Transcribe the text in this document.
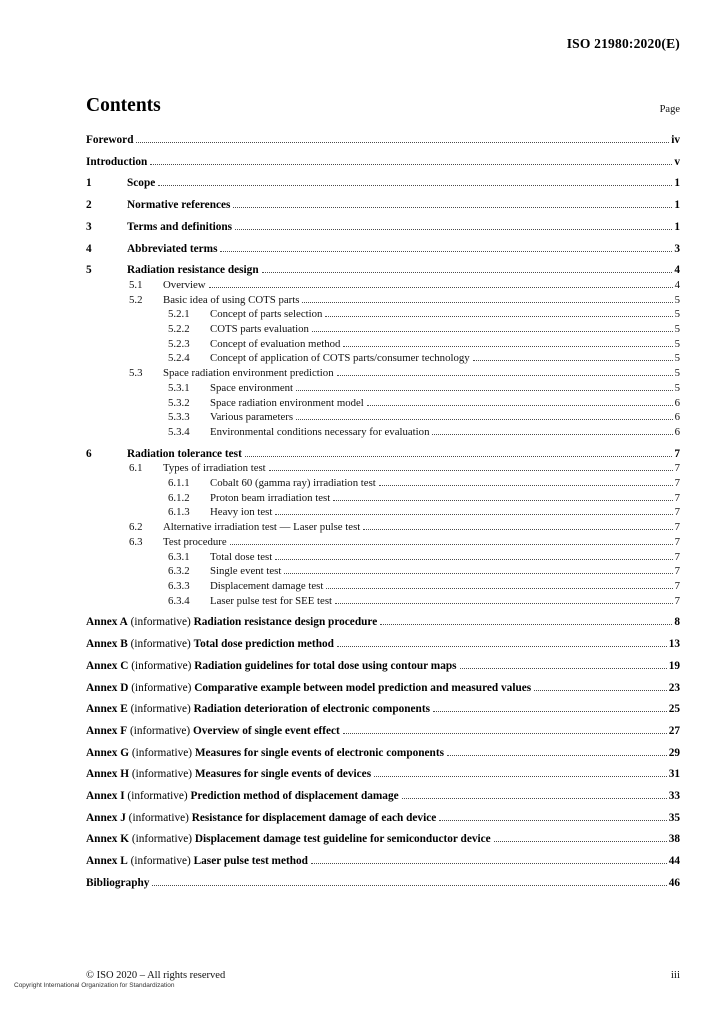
ISO 21980:2020(E)
Contents	Page
Foreword	iv
Introduction	v
1	Scope	1
2	Normative references	1
3	Terms and definitions	1
4	Abbreviated terms	3
5	Radiation resistance design	4
5.1	Overview	4
5.2	Basic idea of using COTS parts	5
5.2.1	Concept of parts selection	5
5.2.2	COTS parts evaluation	5
5.2.3	Concept of evaluation method	5
5.2.4	Concept of application of COTS parts/consumer technology	5
5.3	Space radiation environment prediction	5
5.3.1	Space environment	5
5.3.2	Space radiation environment model	6
5.3.3	Various parameters	6
5.3.4	Environmental conditions necessary for evaluation	6
6	Radiation tolerance test	7
6.1	Types of irradiation test	7
6.1.1	Cobalt 60 (gamma ray) irradiation test	7
6.1.2	Proton beam irradiation test	7
6.1.3	Heavy ion test	7
6.2	Alternative irradiation test — Laser pulse test	7
6.3	Test procedure	7
6.3.1	Total dose test	7
6.3.2	Single event test	7
6.3.3	Displacement damage test	7
6.3.4	Laser pulse test for SEE test	7
Annex A (informative) Radiation resistance design procedure	8
Annex B (informative) Total dose prediction method	13
Annex C (informative) Radiation guidelines for total dose using contour maps	19
Annex D (informative) Comparative example between model prediction and measured values	23
Annex E (informative) Radiation deterioration of electronic components	25
Annex F (informative) Overview of single event effect	27
Annex G (informative) Measures for single events of electronic components	29
Annex H (informative) Measures for single events of devices	31
Annex I (informative) Prediction method of displacement damage	33
Annex J (informative) Resistance for displacement damage of each device	35
Annex K (informative) Displacement damage test guideline for semiconductor device	38
Annex L (informative) Laser pulse test method	44
Bibliography	46
© ISO 2020 – All rights reserved	iii
Copyright International Organization for Standardization
